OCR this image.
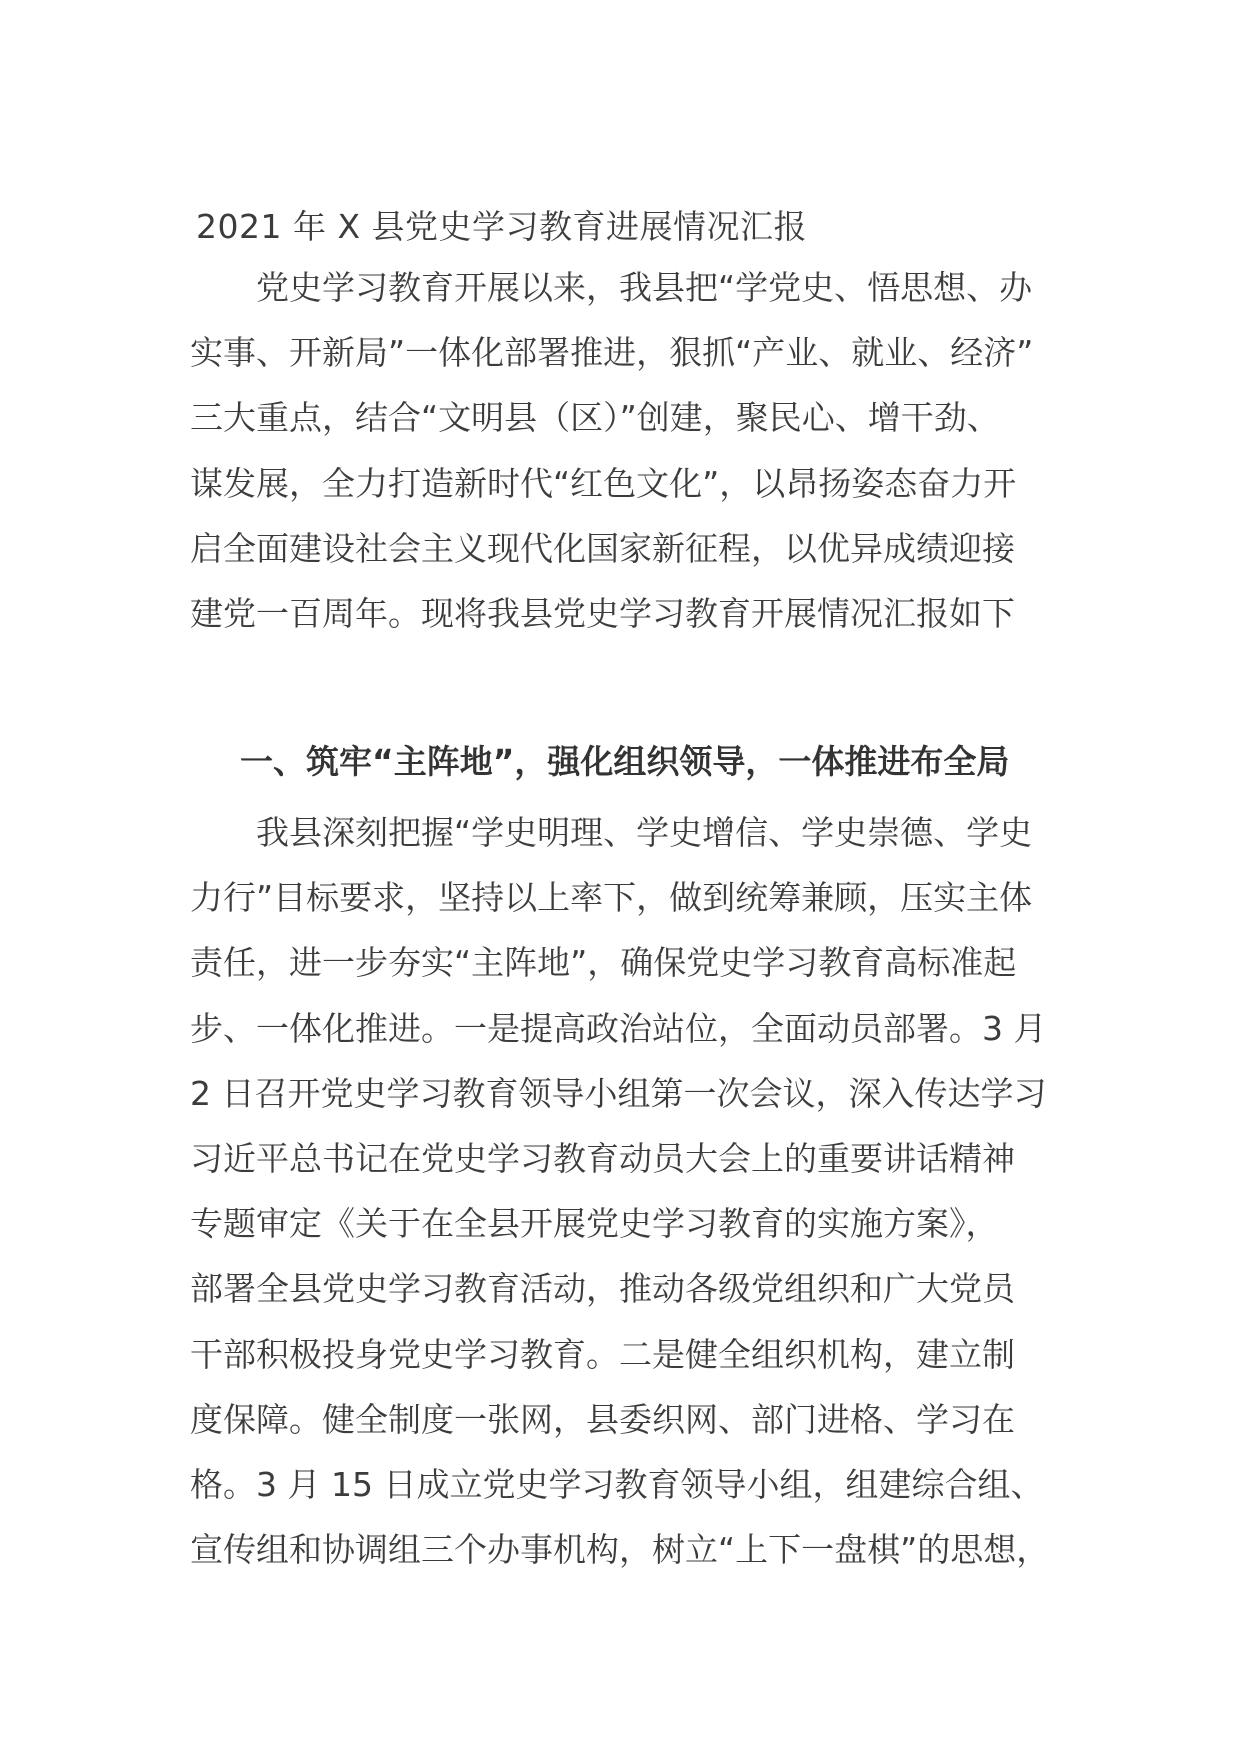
2021 年 X 县党史学习教育进展情况汇报
　　党史学习教育开展以来，我县把“学党史、悟思想、办
实事、开新局”一体化部署推进，狠抓“产业、就业、经济”
三大重点，结合“文明县（区）”创建，聚民心、增干劲、
谋发展，全力打造新时代“红色文化”，以昂扬姿态奋力开
启全面建设社会主义现代化国家新征程，以优异成绩迎接
建党一百周年。现将我县党史学习教育开展情况汇报如下
一、筑牢“主阵地”，强化组织领导，一体推进布全局
　　我县深刻把握“学史明理、学史增信、学史崇德、学史
力行”目标要求，坚持以上率下，做到统筹兼顾，压实主体
责任，进一步夯实“主阵地”，确保党史学习教育高标准起
步、一体化推进。一是提高政治站位，全面动员部署。3 月
2 日召开党史学习教育领导小组第一次会议，深入传达学习
习近平总书记在党史学习教育动员大会上的重要讲话精神
专题审定《关于在全县开展党史学习教育的实施方案》，
部署全县党史学习教育活动，推动各级党组织和广大党员
干部积极投身党史学习教育。二是健全组织机构，建立制
度保障。健全制度一张网，县委织网、部门进格、学习在
格。3 月 15 日成立党史学习教育领导小组，组建综合组、
宣传组和协调组三个办事机构，树立“上下一盘棋”的思想，
